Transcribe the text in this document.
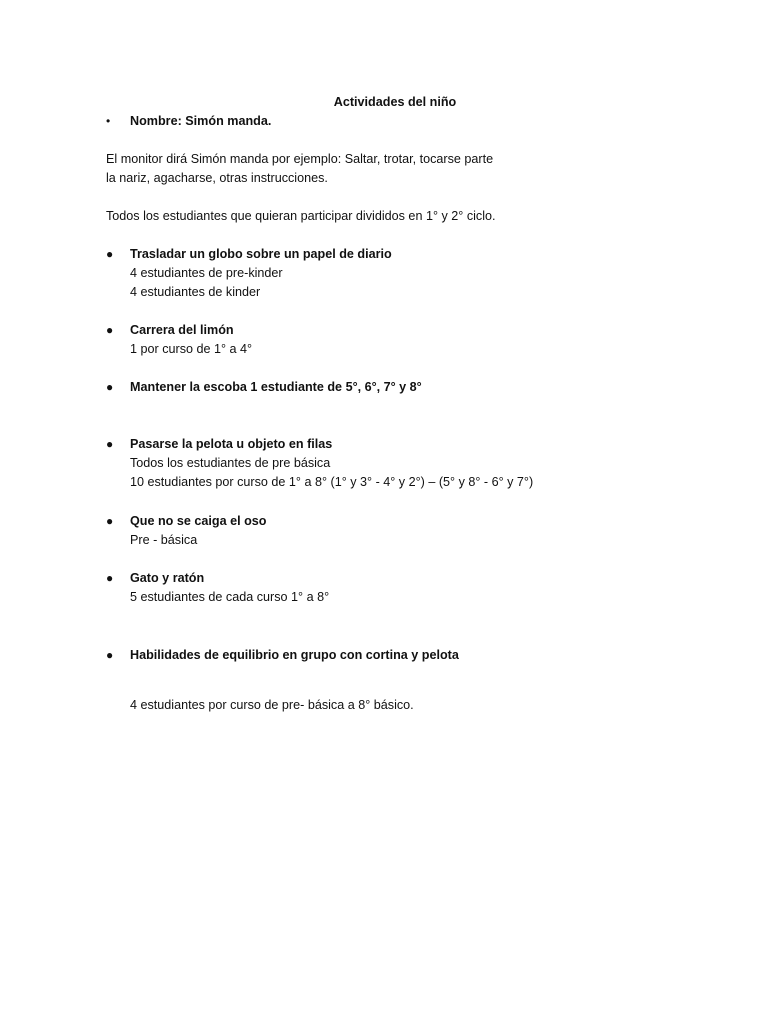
Actividades del niño
•	Nombre: Simón manda.
El monitor dirá Simón manda por ejemplo: Saltar, trotar, tocarse parte
la nariz, agacharse, otras instrucciones.
Todos los estudiantes que quieran participar divididos en 1° y 2° ciclo.
●	Trasladar un globo sobre un papel de diario
4 estudiantes de pre-kinder
4 estudiantes de kinder
●	Carrera del limón
1 por curso de 1° a 4°
●	Mantener la escoba 1 estudiante de 5°, 6°, 7° y 8°
●	Pasarse la pelota u objeto en filas
Todos los estudiantes de pre básica
10 estudiantes por curso de 1° a 8° (1° y 3° - 4° y 2°) – (5° y 8° - 6° y 7°)
●	Que no se caiga el oso
Pre - básica
●	Gato y ratón
5 estudiantes de cada curso 1° a 8°
●	Habilidades de equilibrio en grupo con cortina y pelota
4 estudiantes por curso de pre- básica a 8° básico.
